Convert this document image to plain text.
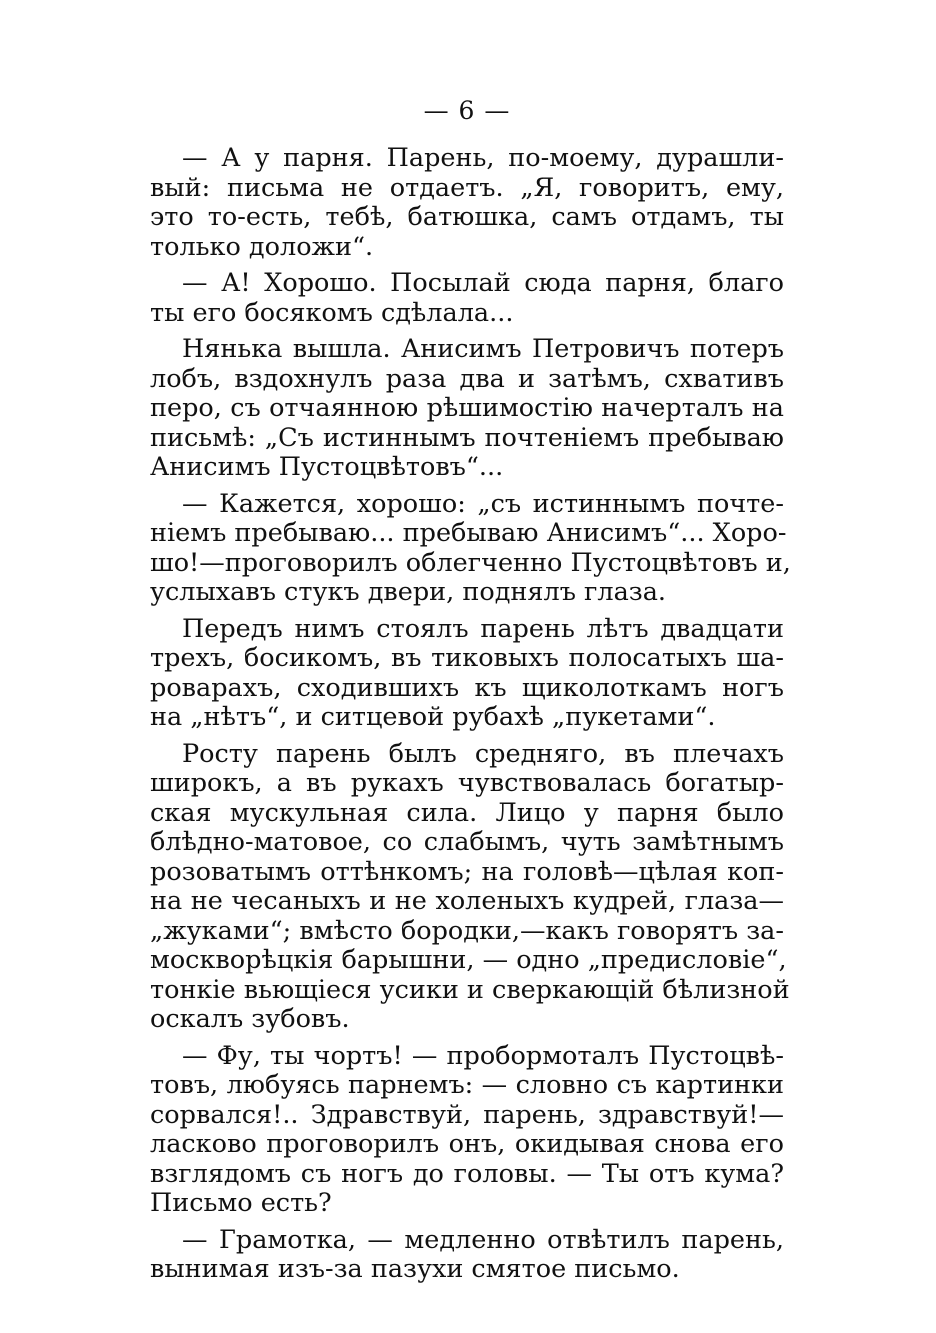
— 6 —
— А у парня. Парень, по-моему, дурашли-
вый: письма не отдаетъ. „Я, говоритъ, ему,
это то-есть, тебѣ, батюшка, самъ отдамъ, ты
только доложи“.
— А! Хорошо. Посылай сюда парня, благо
ты его босякомъ сдѣлала...
Нянька вышла. Анисимъ Петровичъ потеръ
лобъ, вздохнулъ раза два и затѣмъ, схвативъ
перо, съ отчаянною рѣшимостію начерталъ на
письмѣ: „Съ истиннымъ почтеніемъ пребываю
Анисимъ Пустоцвѣтовъ“...
— Кажется, хорошо: „съ истиннымъ почте-
ніемъ пребываю... пребываю Анисимъ“... Хоро-
шо!—проговорилъ облегченно Пустоцвѣтовъ и,
услыхавъ стукъ двери, поднялъ глаза.
Передъ нимъ стоялъ парень лѣтъ двадцати
трехъ, босикомъ, въ тиковыхъ полосатыхъ ша-
роварахъ, сходившихъ къ щиколоткамъ ногъ
на „нѣтъ“, и ситцевой рубахѣ „пукетами“.
Росту парень былъ средняго, въ плечахъ
широкъ, а въ рукахъ чувствовалась богатыр-
ская мускульная сила. Лицо у парня было
блѣдно-матовое, со слабымъ, чуть замѣтнымъ
розоватымъ оттѣнкомъ; на головѣ—цѣлая коп-
на не чесаныхъ и не холеныхъ кудрей, глаза—
„жуками“; вмѣсто бородки,—какъ говорятъ за-
москворѣцкія барышни, — одно „предисловіе“,
тонкіе вьющіеся усики и сверкающій бѣлизной
оскалъ зубовъ.
— Фу, ты чортъ! — пробормоталъ Пустоцвѣ-
товъ, любуясь парнемъ: — словно съ картинки
сорвался!.. Здравствуй, парень, здравствуй!—
ласково проговорилъ онъ, окидывая снова его
взглядомъ съ ногъ до головы. — Ты отъ кума?
Письмо есть?
— Грамотка, — медленно отвѣтилъ парень,
вынимая изъ-за пазухи смятое письмо.
